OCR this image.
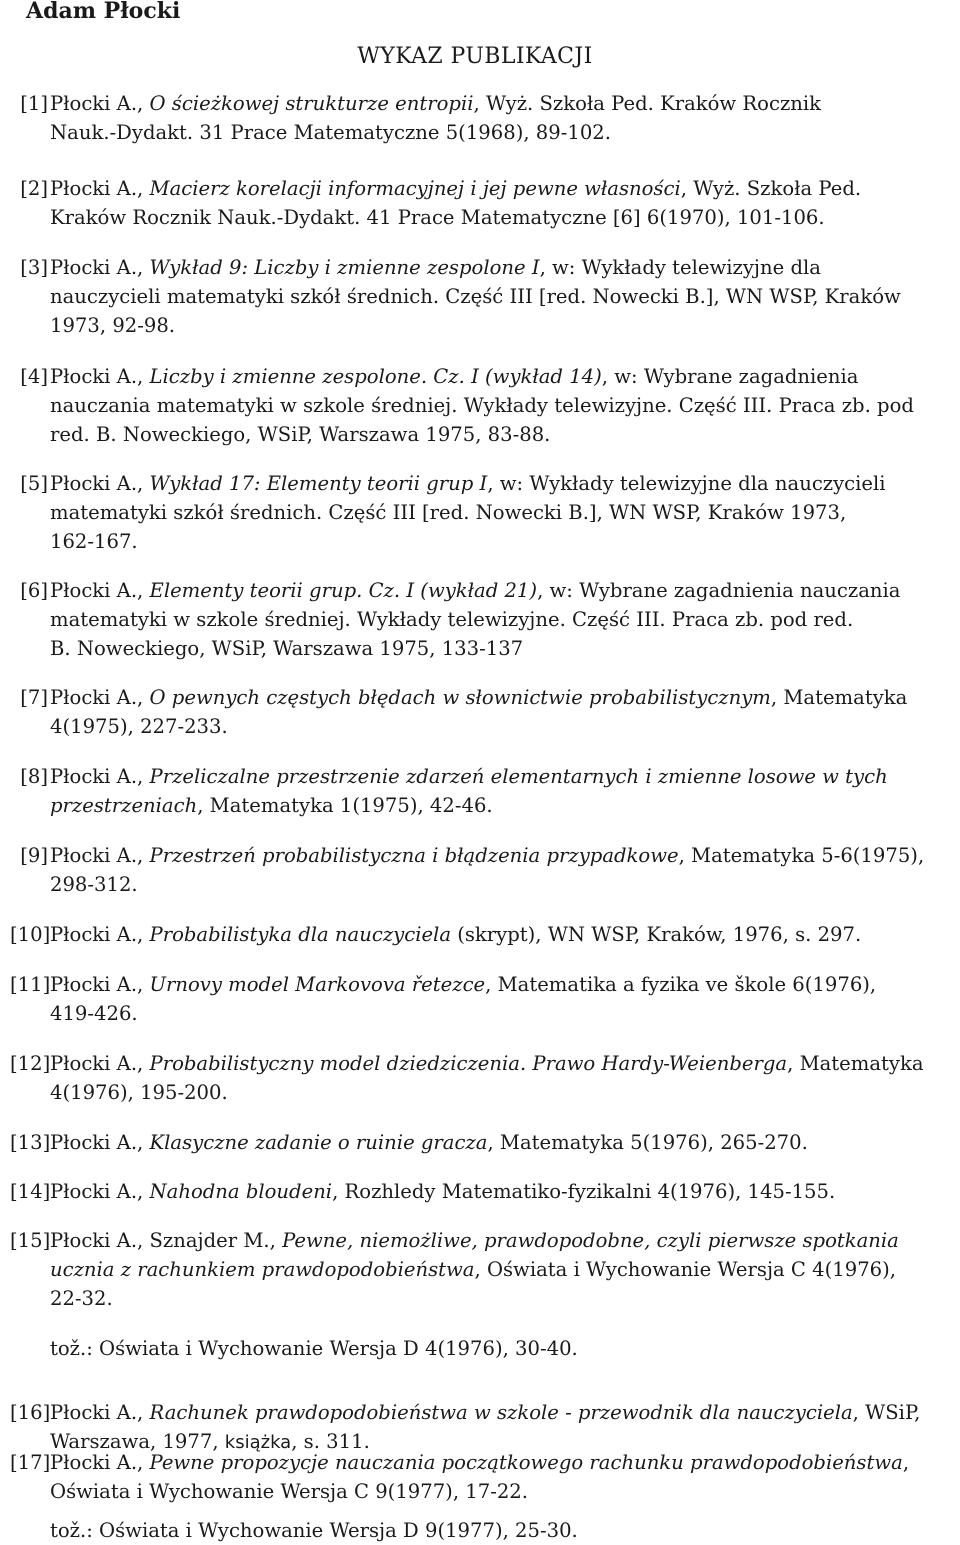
Adam Płocki
WYKAZ PUBLIKACJI
[1] Płocki A., O ścieżkowej strukturze entropii, Wyż. Szkoła Ped. Kraków Rocznik
Nauk.-Dydakt. 31 Prace Matematyczne 5(1968), 89-102.
[2] Płocki A., Macierz korelacji informacyjnej i jej pewne własności, Wyż. Szkoła Ped.
Kraków Rocznik Nauk.-Dydakt. 41 Prace Matematyczne [6] 6(1970), 101-106.
[3] Płocki A., Wykład 9: Liczby i zmienne zespolone I, w: Wykłady telewizyjne dla
nauczycieli matematyki szkół średnich. Część III [red. Nowecki B.], WN WSP, Kraków
1973, 92-98.
[4] Płocki A., Liczby i zmienne zespolone. Cz. I (wykład 14), w: Wybrane zagadnienia
nauczania matematyki w szkole średniej. Wykłady telewizyjne. Część III. Praca zb. pod
red. B. Noweckiego, WSiP, Warszawa 1975, 83-88.
[5] Płocki A., Wykład 17: Elementy teorii grup I, w: Wykłady telewizyjne dla nauczycieli
matematyki szkół średnich. Część III [red. Nowecki B.], WN WSP, Kraków 1973,
162-167.
[6] Płocki A., Elementy teorii grup. Cz. I (wykład 21), w: Wybrane zagadnienia nauczania
matematyki w szkole średniej. Wykłady telewizyjne. Część III. Praca zb. pod red.
B. Noweckiego, WSiP, Warszawa 1975, 133-137
[7] Płocki A., O pewnych częstych błędach w słownictwie probabilistycznym, Matematyka
4(1975), 227-233.
[8] Płocki A., Przeliczalne przestrzenie zdarzeń elementarnych i zmienne losowe w tych
przestrzeniach, Matematyka 1(1975), 42-46.
[9] Płocki A., Przestrzeń probabilistyczna i błądzenia przypadkowe, Matematyka 5-6(1975),
298-312.
[10] Płocki A., Probabilistyka dla nauczyciela (skrypt), WN WSP, Kraków, 1976, s. 297.
[11] Płocki A., Urnovy model Markovova řetezce, Matematika a fyzika ve škole 6(1976),
419-426.
[12] Płocki A., Probabilistyczny model dziedziczenia. Prawo Hardy-Weienberga, Matematyka
4(1976), 195-200.
[13] Płocki A., Klasyczne zadanie o ruinie gracza, Matematyka 5(1976), 265-270.
[14] Płocki A., Nahodna bloudeni, Rozhledy Matematiko-fyzikalni 4(1976), 145-155.
[15] Płocki A., Sznajder M., Pewne, niemożliwe, prawdopodobne, czyli pierwsze spotkania
ucznia z rachunkiem prawdopodobieństwa, Oświata i Wychowanie Wersja C 4(1976),
22-32.
tož.: Oświata i Wychowanie Wersja D 4(1976), 30-40.
[16] Płocki A., Rachunek prawdopodobieństwa w szkole - przewodnik dla nauczyciela, WSiP,
Warszawa, 1977, książka, s. 311.
[17] Płocki A., Pewne propozycje nauczania początkowego rachunku prawdopodobieństwa,
Oświata i Wychowanie Wersja C 9(1977), 17-22.
tož.: Oświata i Wychowanie Wersja D 9(1977), 25-30.
